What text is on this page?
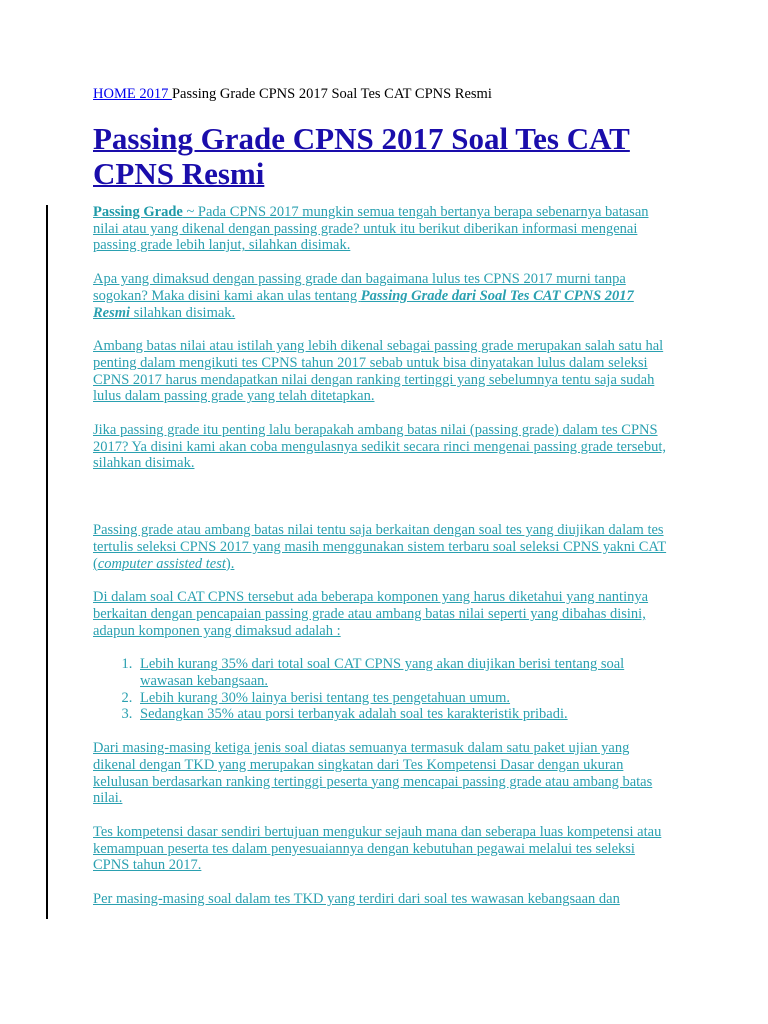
HOME 2017 Passing Grade CPNS 2017 Soal Tes CAT CPNS Resmi
Passing Grade CPNS 2017 Soal Tes CAT CPNS Resmi

Passing Grade ~ Pada CPNS 2017 mungkin semua tengah bertanya berapa sebenarnya batasan nilai atau yang dikenal dengan passing grade? untuk itu berikut diberikan informasi mengenai passing grade lebih lanjut, silahkan disimak.

Apa yang dimaksud dengan passing grade dan bagaimana lulus tes CPNS 2017 murni tanpa sogokan? Maka disini kami akan ulas tentang Passing Grade dari Soal Tes CAT CPNS 2017 Resmi silahkan disimak.

Ambang batas nilai atau istilah yang lebih dikenal sebagai passing grade merupakan salah satu hal penting dalam mengikuti tes CPNS tahun 2017 sebab untuk bisa dinyatakan lulus dalam seleksi CPNS 2017 harus mendapatkan nilai dengan ranking tertinggi yang sebelumnya tentu saja sudah lulus dalam passing grade yang telah ditetapkan.

Jika passing grade itu penting lalu berapakah ambang batas nilai (passing grade) dalam tes CPNS 2017? Ya disini kami akan coba mengulasnya sedikit secara rinci mengenai passing grade tersebut, silahkan disimak.

Passing grade atau ambang batas nilai tentu saja berkaitan dengan soal tes yang diujikan dalam tes tertulis seleksi CPNS 2017 yang masih menggunakan sistem terbaru soal seleksi CPNS yakni CAT (computer assisted test).

Di dalam soal CAT CPNS tersebut ada beberapa komponen yang harus diketahui yang nantinya berkaitan dengan pencapaian passing grade atau ambang batas nilai seperti yang dibahas disini, adapun komponen yang dimaksud adalah :

1. Lebih kurang 35% dari total soal CAT CPNS yang akan diujikan berisi tentang soal wawasan kebangsaan.
2. Lebih kurang 30% lainya berisi tentang tes pengetahuan umum.
3. Sedangkan 35% atau porsi terbanyak adalah soal tes karakteristik pribadi.

Dari masing-masing ketiga jenis soal diatas semuanya termasuk dalam satu paket ujian yang dikenal dengan TKD yang merupakan singkatan dari Tes Kompetensi Dasar dengan ukuran kelulusan berdasarkan ranking tertinggi peserta yang mencapai passing grade atau ambang batas nilai.

Tes kompetensi dasar sendiri bertujuan mengukur sejauh mana dan seberapa luas kompetensi atau kemampuan peserta tes dalam penyesuaiannya dengan kebutuhan pegawai melalui tes seleksi CPNS tahun 2017.

Per masing-masing soal dalam tes TKD yang terdiri dari soal tes wawasan kebangsaan dan
